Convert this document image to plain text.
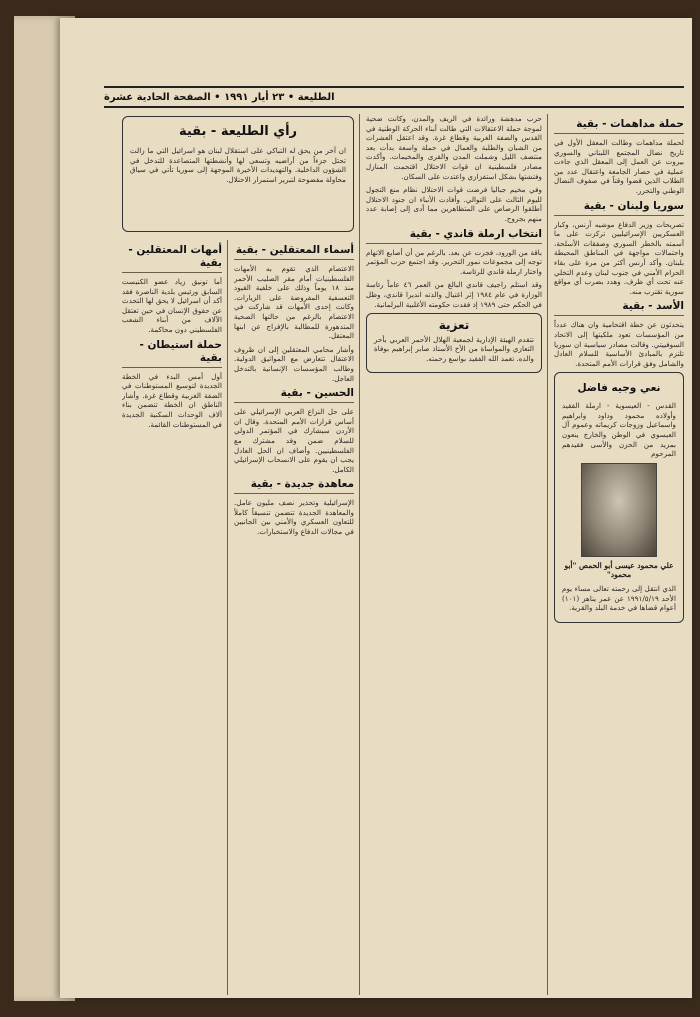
الطليعة • ٢٣ أيار ١٩٩١ • الصفحة الحادية عشرة
حملة مداهمات - بقية

لحملة مداهمات وطالت المعقل الأول في تاريخ نضال المجتمع اللبناني والسوري بيروت عن العمل إلى المعقل الذي جاءت عملية في حصار الجامعة واعتقال عدد من الطلاب الذين قضوا وقتاً في صفوف النضال الوطني والتحرر.

سوريا ولبنان - بقية

تصريحات وزير الدفاع موشيه آرنس، وكبار العسكريين الإسرائيليين تركزت على ما أسمته بالخطر السوري وصفقات الأسلحة، واحتمالات مواجهة في المناطق المحيطة بلبنان. وأكد آرنس أكثر من مرة على بقاء الحزام الأمني في جنوب لبنان وعدم التخلي عنه تحت أي ظرف. وهدد بضرب أي مواقع سورية تقترب منه.

الأسد - بقية

يتحدثون عن خطة اقتحامية وان هناك عدداً من المؤسسات تعود ملكيتها إلى الاتحاد السوفييتي. وقالت مصادر سياسية ان سوريا تلتزم بالمبادئ الأساسية للسلام العادل والشامل وفق قرارات الأمم المتحدة.

نعي وجيه فاضل

القدس - العيسوية - ارملة الفقيد وأولاده محمود وداود وابراهيم واسماعيل وزوجات كريماته وعموم آل العيسوي في الوطن والخارج ينعون بمزيد من الحزن والأسى فقيدهم المرحوم

علي محمود عيسى أبو الحمص "أبو محمود"

الذي انتقل إلى رحمته تعالى مساء يوم الأحد ١٩٩١/٥/١٩ عن عمر يناهز (١٠١) أعوام قضاها في خدمة البلد والقرية.

حرب مدهشة ورائدة في الريف والمدن، وكانت ضحية لموجة حملة الاعتقالات التي طالت أبناء الحركة الوطنية في القدس والضفة الغربية وقطاع غزة. وقد اعتقل العشرات من الشبان والطلبة والعمال في حملة واسعة بدأت بعد منتصف الليل وشملت المدن والقرى والمخيمات. وأكدت مصادر فلسطينية ان قوات الاحتلال اقتحمت المنازل وفتشتها بشكل استفزازي واعتدت على السكان.

وفي مخيم جباليا فرضت قوات الاحتلال نظام منع التجول لليوم الثالث على التوالي. وأفادت الأنباء ان جنود الاحتلال أطلقوا الرصاص على المتظاهرين مما أدى إلى إصابة عدد منهم بجروح.

انتخاب ارملة قاندي - بقية

باقة من الورود، فجرت عن بعد. بالرغم من أن أصابع الاتهام توجه إلى مجموعات نمور التحرير. وقد اجتمع حزب المؤتمر واختار ارملة قاندي للرئاسة.

وقد استلم راجيف قاندي البالغ من العمر ٤٦ عاماً رئاسة الوزارة في عام ١٩٨٤ إثر اغتيال والدته انديرا قاندي، وظل في الحكم حتى ١٩٨٩ إذ فقدت حكومته الأغلبية البرلمانية.

تعزية

تتقدم الهيئة الإدارية لجمعية الهلال الأحمر العربي بأحر التعازي والمواساة من الأخ الأستاذ صابر إبراهيم بوفاة والده. تغمد الله الفقيد بواسع رحمته.

أسماء المعتقلين - بقية

الاعتصام الذي تقوم به الأمهات الفلسطينيات أمام مقر الصليب الأحمر منذ ١٨ يوماً وذلك على خلفية القيود التعسفية المفروضة على الزيارات. وكانت إحدى الأمهات قد شاركت في الاعتصام بالرغم من حالتها الصحية المتدهورة للمطالبة بالإفراج عن ابنها المعتقل.

وأشار محامي المعتقلين إلى ان ظروف الاعتقال تتعارض مع المواثيق الدولية. وطالب المؤسسات الإنسانية بالتدخل العاجل.

الحسين - بقية

على حل النزاع العربي الإسرائيلي على أساس قرارات الأمم المتحدة. وقال ان الأردن سيشارك في المؤتمر الدولي للسلام ضمن وفد مشترك مع الفلسطينيين. وأضاف ان الحل العادل يجب ان يقوم على الانسحاب الإسرائيلي الكامل.

معاهدة جديدة - بقية

الإسرائيلية وتحذير نصف مليون عامل. والمعاهدة الجديدة تتضمن تنسيقاً كاملاً للتعاون العسكري والأمني بين الجانبين في مجالات الدفاع والاستخبارات.

أمهات المعتقلين - بقية

أما تونيق زياد عضو الكنيست السابق ورئيس بلدية الناصرة فقد أكد أن اسرائيل لا يحق لها التحدث عن حقوق الإنسان في حين تعتقل الآلاف من أبناء الشعب الفلسطيني دون محاكمة.

حملة استيطان - بقية

أول أمس البدء في الخطة الجديدة لتوسيع المستوطنات في الضفة الغربية وقطاع غزة. وأشار الناطق ان الخطة تتضمن بناء آلاف الوحدات السكنية الجديدة في المستوطنات القائمة.

رأي الطليعة - بقية

ان آخر من يحق له التباكي على استقلال لبنان هو اسرائيل التي ما زالت تحتل جزءاً من أراضيه وتسعى لها وأنشطتها المتصاعدة للتدخل في الشؤون الداخلية. والتهديدات الأخيرة الموجهة إلى سوريا تأتي في سياق محاولة مفضوحة لتبرير استمرار الاحتلال.
